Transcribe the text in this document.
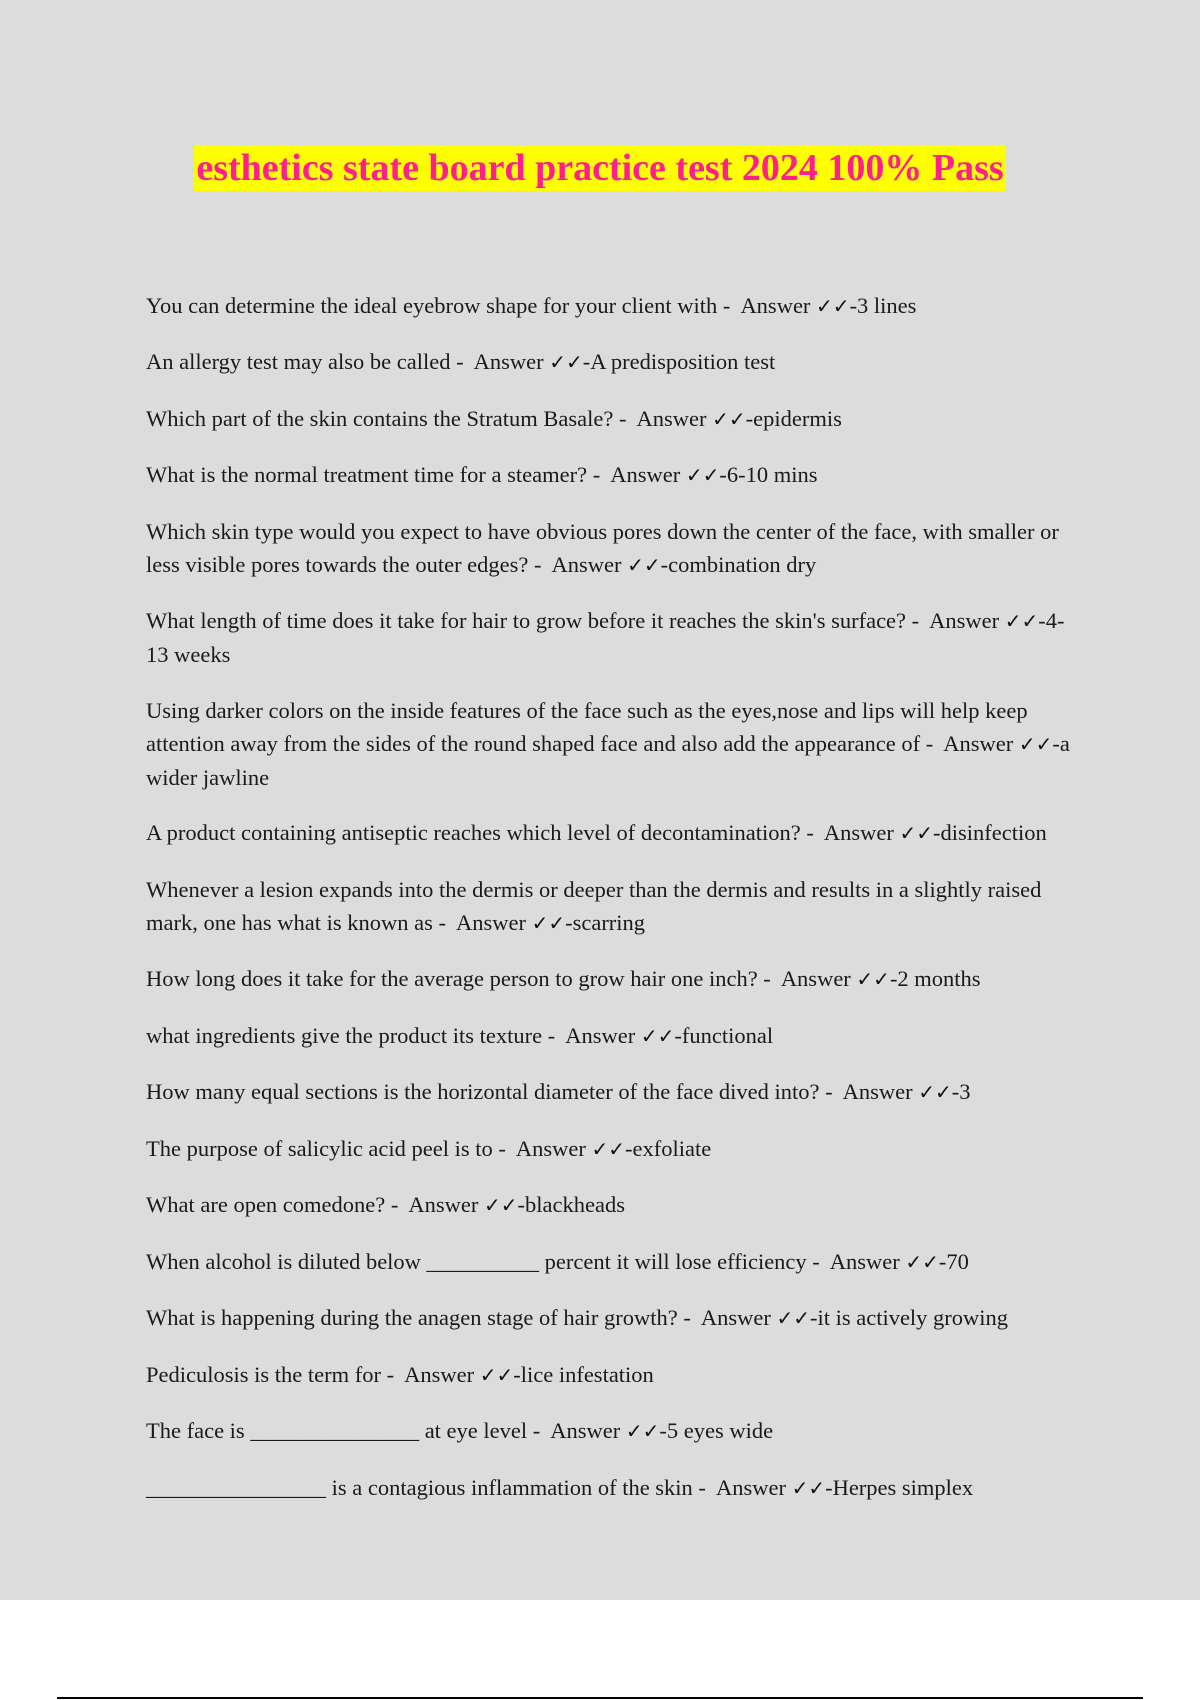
esthetics state board practice test 2024 100% Pass

You can determine the ideal eyebrow shape for your client with - Answer ✓✓-3 lines

An allergy test may also be called - Answer ✓✓-A predisposition test

Which part of the skin contains the Stratum Basale? - Answer ✓✓-epidermis

What is the normal treatment time for a steamer? - Answer ✓✓-6-10 mins

Which skin type would you expect to have obvious pores down the center of the face, with smaller or less visible pores towards the outer edges? - Answer ✓✓-combination dry

What length of time does it take for hair to grow before it reaches the skin's surface? - Answer ✓✓-4-13 weeks

Using darker colors on the inside features of the face such as the eyes,nose and lips will help keep attention away from the sides of the round shaped face and also add the appearance of - Answer ✓✓-a wider jawline

A product containing antiseptic reaches which level of decontamination? - Answer ✓✓-disinfection

Whenever a lesion expands into the dermis or deeper than the dermis and results in a slightly raised mark, one has what is known as - Answer ✓✓-scarring

How long does it take for the average person to grow hair one inch? - Answer ✓✓-2 months

what ingredients give the product its texture - Answer ✓✓-functional

How many equal sections is the horizontal diameter of the face dived into? - Answer ✓✓-3

The purpose of salicylic acid peel is to - Answer ✓✓-exfoliate

What are open comedone? - Answer ✓✓-blackheads

When alcohol is diluted below __________ percent it will lose efficiency - Answer ✓✓-70

What is happening during the anagen stage of hair growth? - Answer ✓✓-it is actively growing

Pediculosis is the term for - Answer ✓✓-lice infestation

The face is _______________ at eye level - Answer ✓✓-5 eyes wide

________________ is a contagious inflammation of the skin - Answer ✓✓-Herpes simplex
